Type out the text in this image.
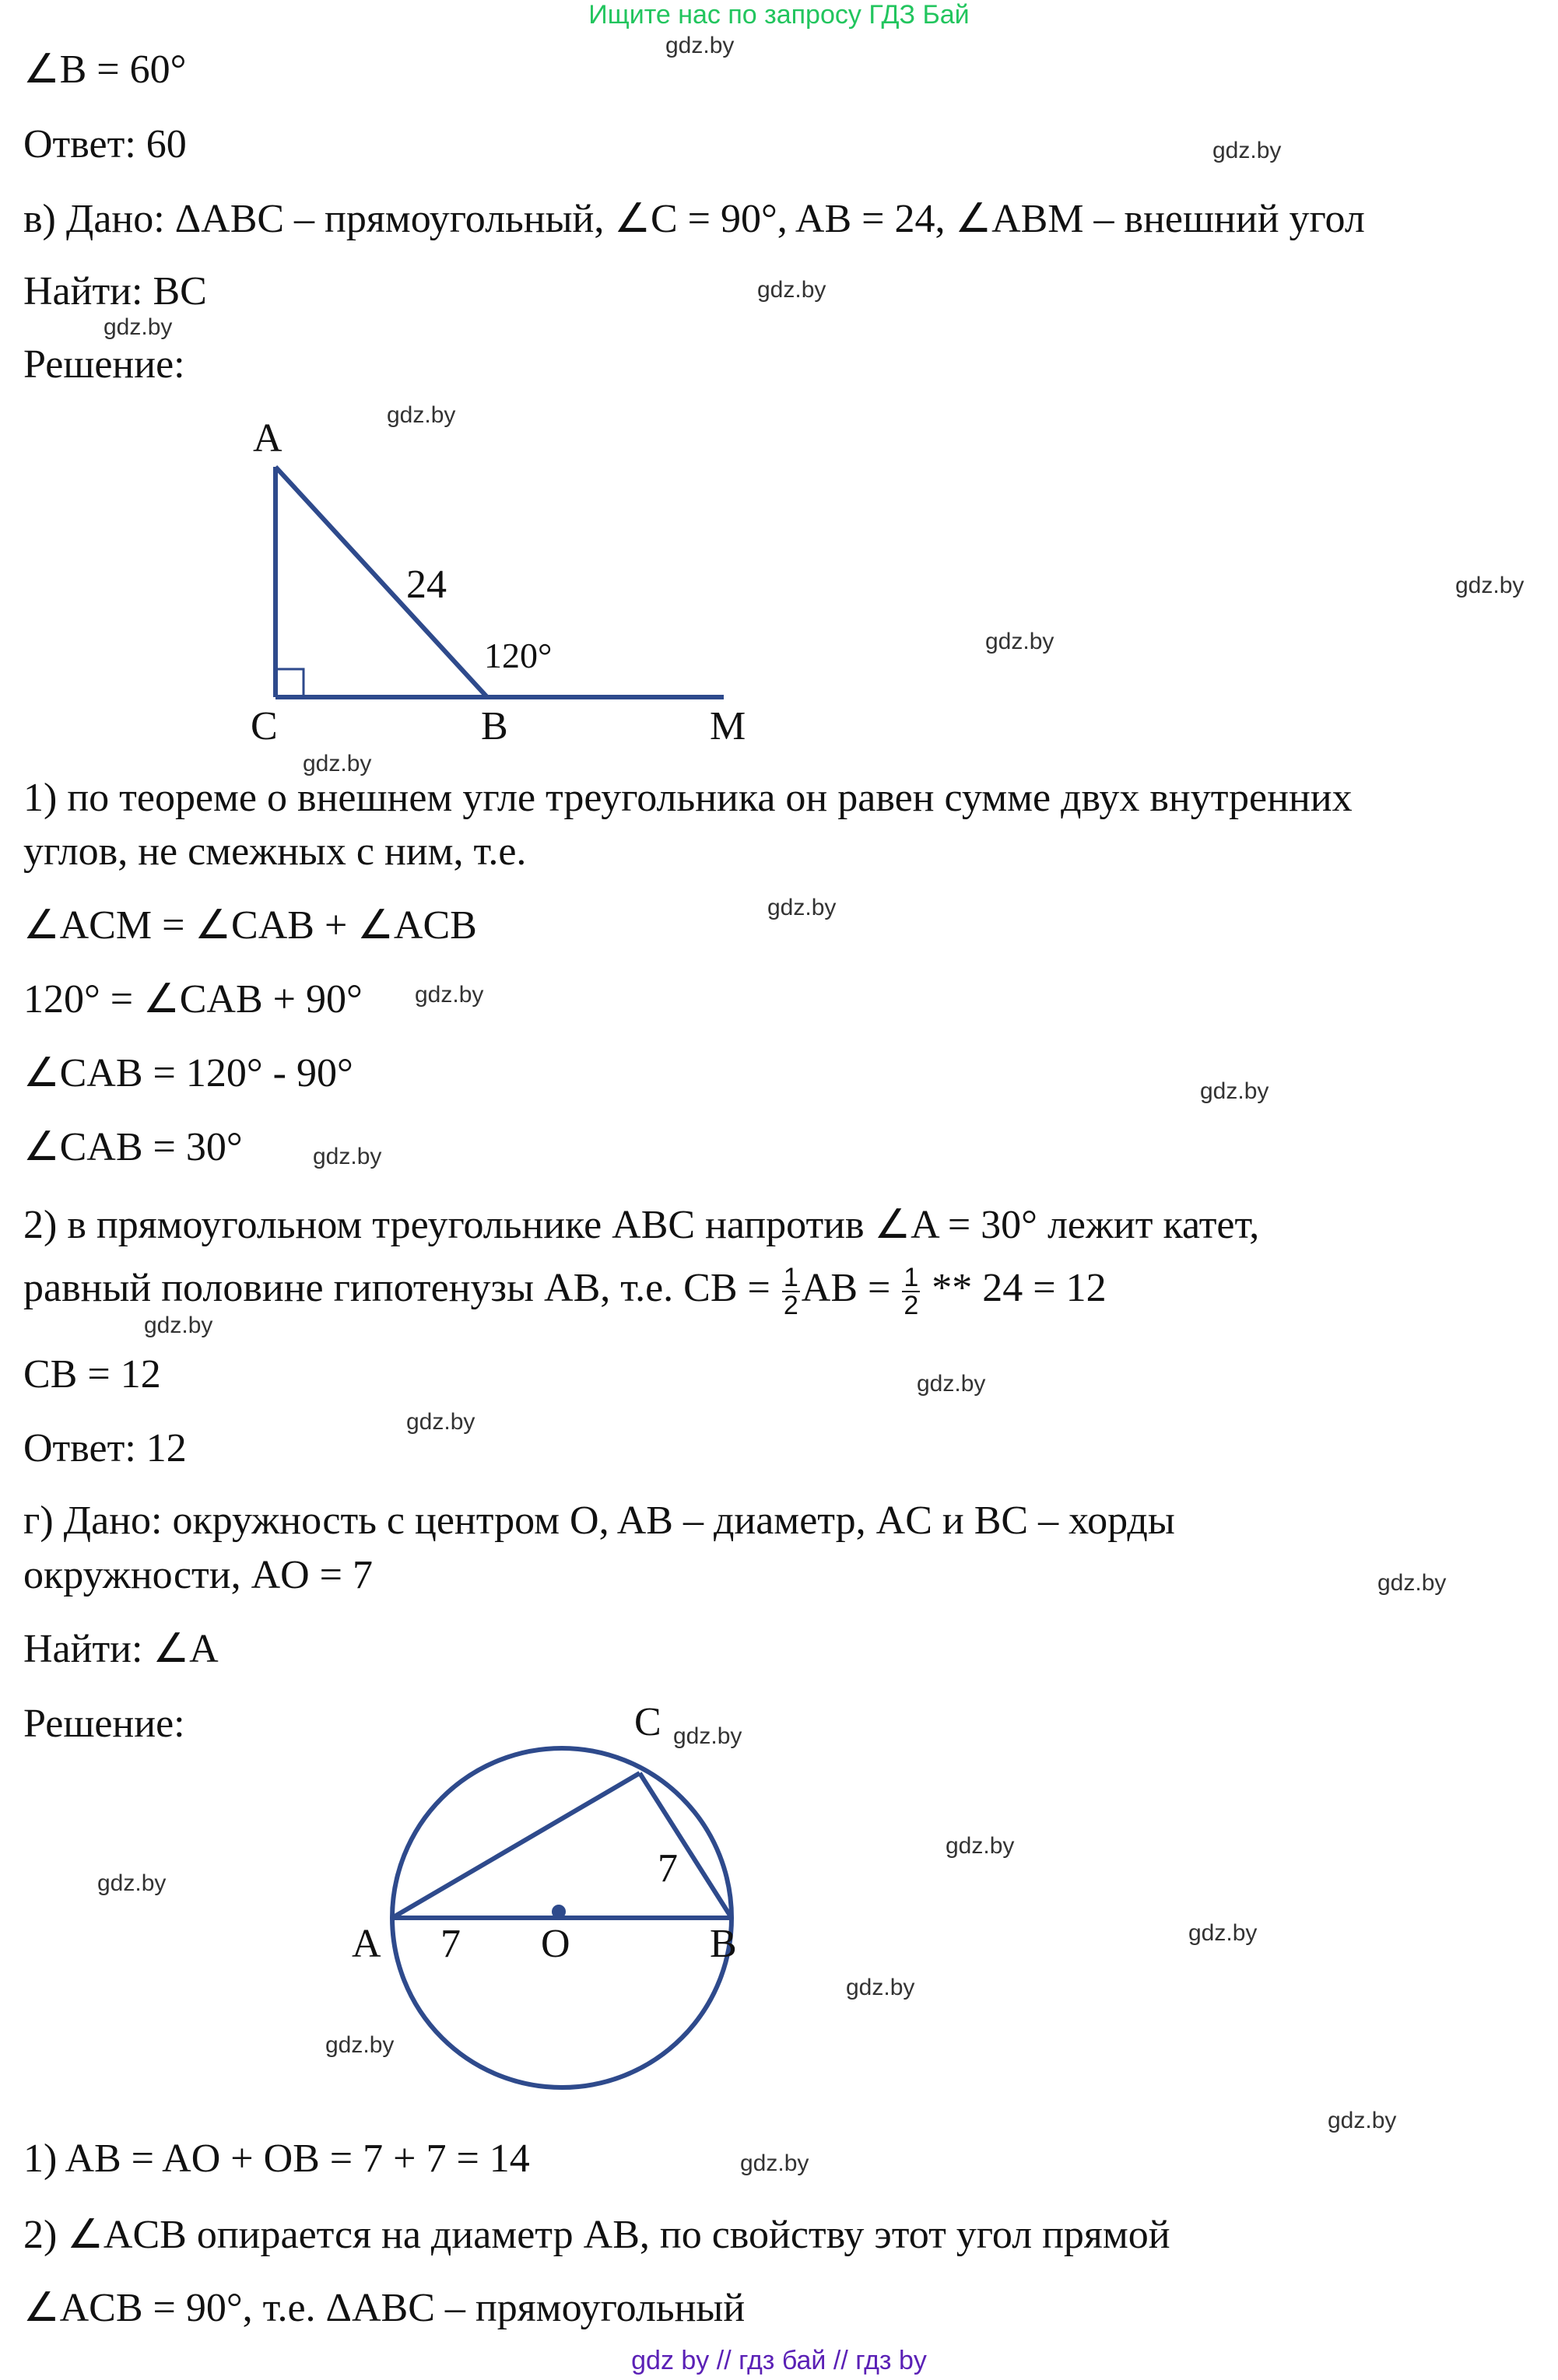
Ищите нас по запросу ГДЗ Бай
∠B = 60°
Ответ: 60
в) Дано: ΔABC – прямоугольный, ∠C = 90°, AB = 24, ∠ABM – внешний угол
Найти: BC
Решение:
A
C	B	M
24
120°
1) по теореме о внешнем угле треугольника он равен сумме двух внутренних
углов, не смежных с ним, т.е.
∠ACM = ∠CAB + ∠ACB
120° = ∠CAB + 90°
∠CAB = 120° - 90°
∠CAB = 30°
2) в прямоугольном треугольнике ABC напротив ∠A = 30° лежит катет,
равный половине гипотенузы AB, т.е. CB = $\frac{1}{2}$ AB = $\frac{1}{2} ** 24 = 12$
CB = 12
Ответ: 12
г) Дано: окружность с центром O, AB – диаметр, AC и BC – хорды
окружности, AO = 7
Найти: ∠A
Решение:	C
A 7 O	B
7
1) AB = AO + OB = 7 + 7 = 14
2) ∠ACB опирается на диаметр AB, по свойству этот угол прямой
∠ACB = 90°, т.е. ΔABC – прямоугольный
gdz.by
gdz.by
gdz.by
gdz.by
gdz.by
gdz.by
gdz.by
gdz.by
gdz.by
gdz.by
gdz.by
gdz.by
gdz.by
gdz.by
gdz.by
gdz.by
gdz.by
gdz.by
gdz.by
gdz.by
gdz.by
gdz.by
gdz.by
gdz.by
gdz by // гдз бай // гдз by
